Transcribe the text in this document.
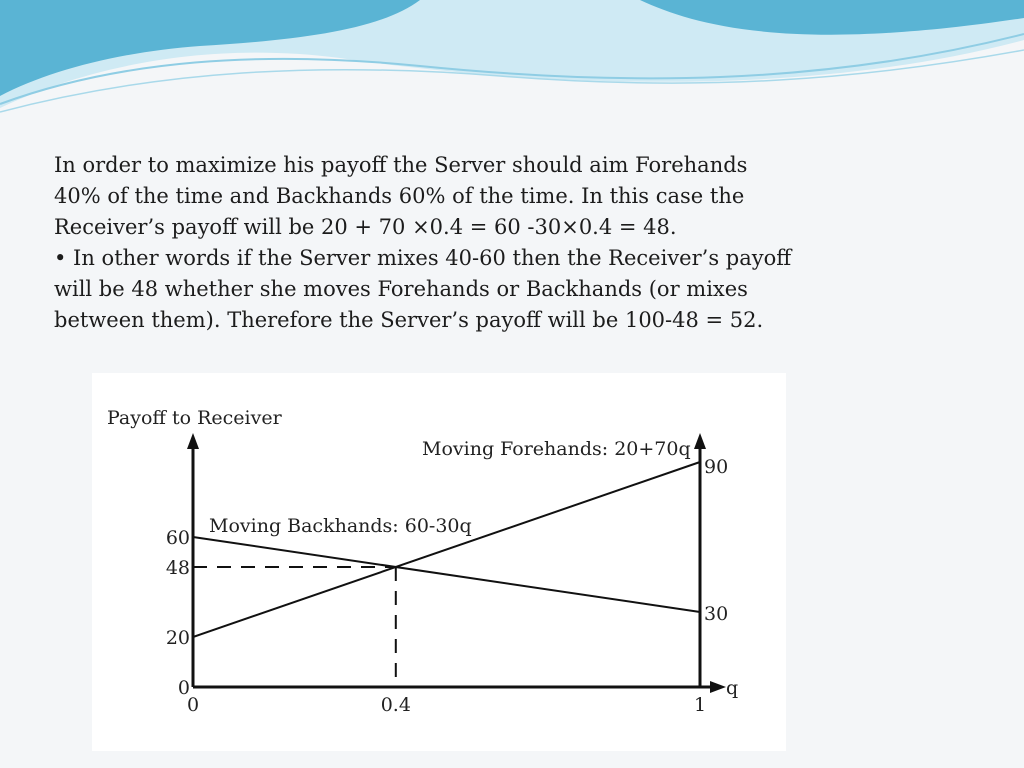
In order to maximize his payoff the Server should aim Forehands 40% of the time and Backhands 60% of the time. In this case the Receiver’s payoff will be 20 + 70 ×0.4 = 60 -30×0.4 = 48.

• In other words if the Server mixes 40-60 then the Receiver’s payoff will be 48 whether she moves Forehands or Backhands (or mixes between them). Therefore the Server’s payoff will be 100-48 = 52.

Payoff to Receiver
q
Moving Forehands: 20+70q
Moving Backhands: 60-30q
90
30
0
20
48
60
0	0.4	1
